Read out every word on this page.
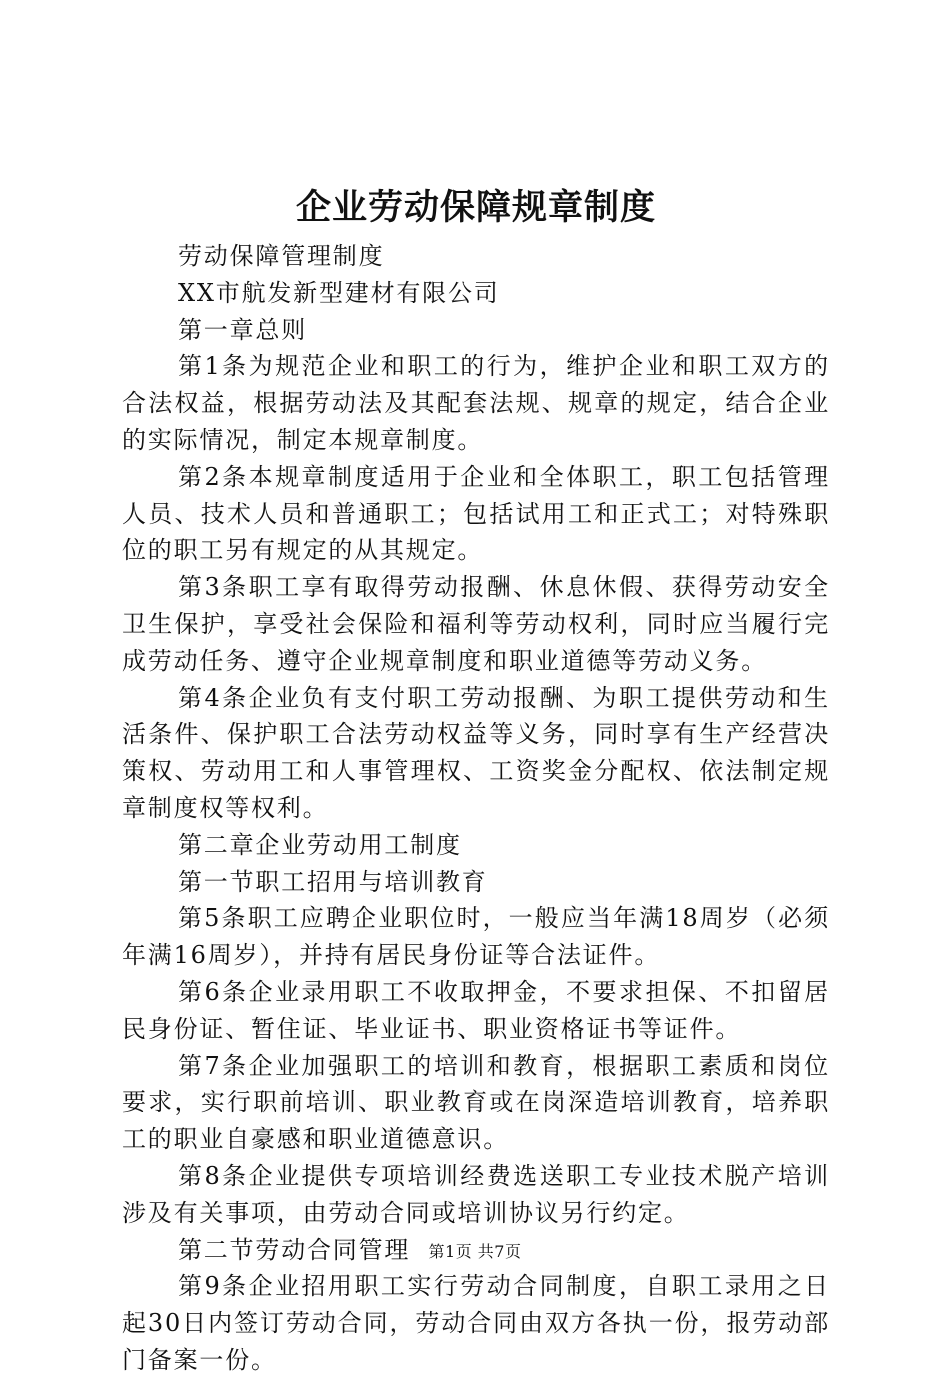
企业劳动保障规章制度

劳动保障管理制度

XX市航发新型建材有限公司

第一章总则

第1条为规范企业和职工的行为，维护企业和职工双方的合法权益，根据劳动法及其配套法规、规章的规定，结合企业的实际情况，制定本规章制度。

第2条本规章制度适用于企业和全体职工，职工包括管理人员、技术人员和普通职工；包括试用工和正式工；对特殊职位的职工另有规定的从其规定。

第3条职工享有取得劳动报酬、休息休假、获得劳动安全卫生保护，享受社会保险和福利等劳动权利，同时应当履行完成劳动任务、遵守企业规章制度和职业道德等劳动义务。

第4条企业负有支付职工劳动报酬、为职工提供劳动和生活条件、保护职工合法劳动权益等义务，同时享有生产经营决策权、劳动用工和人事管理权、工资奖金分配权、依法制定规章制度权等权利。

第二章企业劳动用工制度

第一节职工招用与培训教育

第5条职工应聘企业职位时，一般应当年满18周岁（必须年满16周岁），并持有居民身份证等合法证件。

第6条企业录用职工不收取押金，不要求担保、不扣留居民身份证、暂住证、毕业证书、职业资格证书等证件。

第7条企业加强职工的培训和教育，根据职工素质和岗位要求，实行职前培训、职业教育或在岗深造培训教育，培养职工的职业自豪感和职业道德意识。

第8条企业提供专项培训经费选送职工专业技术脱产培训涉及有关事项，由劳动合同或培训协议另行约定。

第二节劳动合同管理

第9条企业招用职工实行劳动合同制度，自职工录用之日起30日内签订劳动合同，劳动合同由双方各执一份，报劳动部门备案一份。

第1页 共7页
